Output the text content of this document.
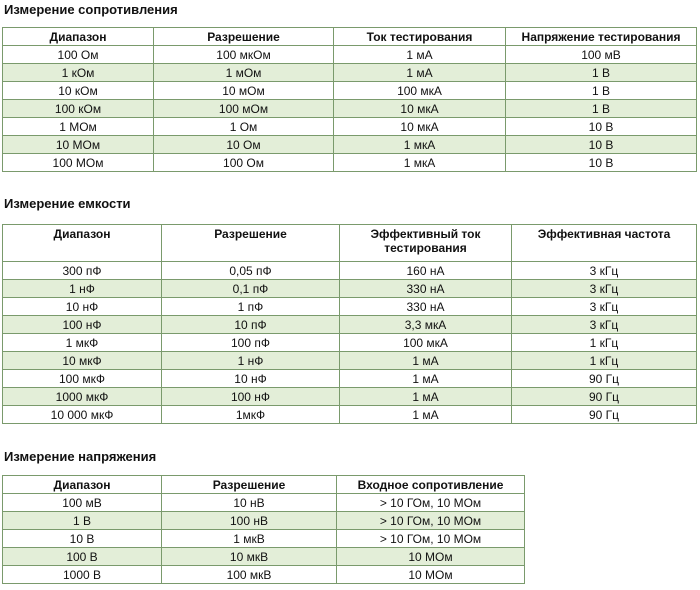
Измерение сопротивления
Диапазон	Разрешение	Ток тестирования	Напряжение тестирования
100 Ом	100 мкОм	1 мА	100 мВ
1 кОм	1 мОм	1 мА	1 В
10 кОм	10 мОм	100 мкА	1 В
100 кОм	100 мОм	10 мкА	1 В
1 МОм	1 Ом	10 мкА	10 В
10 МОм	10 Ом	1 мкА	10 В
100 МОм	100 Ом	1 мкА	10 В
Измерение емкости
Диапазон	Разрешение	Эффективный ток тестирования	Эффективная частота
300 пФ	0,05 пФ	160 нА	3 кГц
1 нФ	0,1 пФ	330 нА	3 кГц
10 нФ	1 пФ	330 нА	3 кГц
100 нФ	10 пФ	3,3 мкА	3 кГц
1 мкФ	100 пФ	100 мкА	1 кГц
10 мкФ	1 нФ	1 мА	1 кГц
100 мкФ	10 нФ	1 мА	90 Гц
1000 мкФ	100 нФ	1 мА	90 Гц
10 000 мкФ	1мкФ	1 мА	90 Гц
Измерение напряжения
Диапазон	Разрешение	Входное сопротивление
100 мВ	10 нВ	> 10 ГОм, 10 МОм
1 В	100 нВ	> 10 ГОм, 10 МОм
10 В	1 мкВ	> 10 ГОм, 10 МОм
100 В	10 мкВ	10 МОм
1000 В	100 мкВ	10 МОм
